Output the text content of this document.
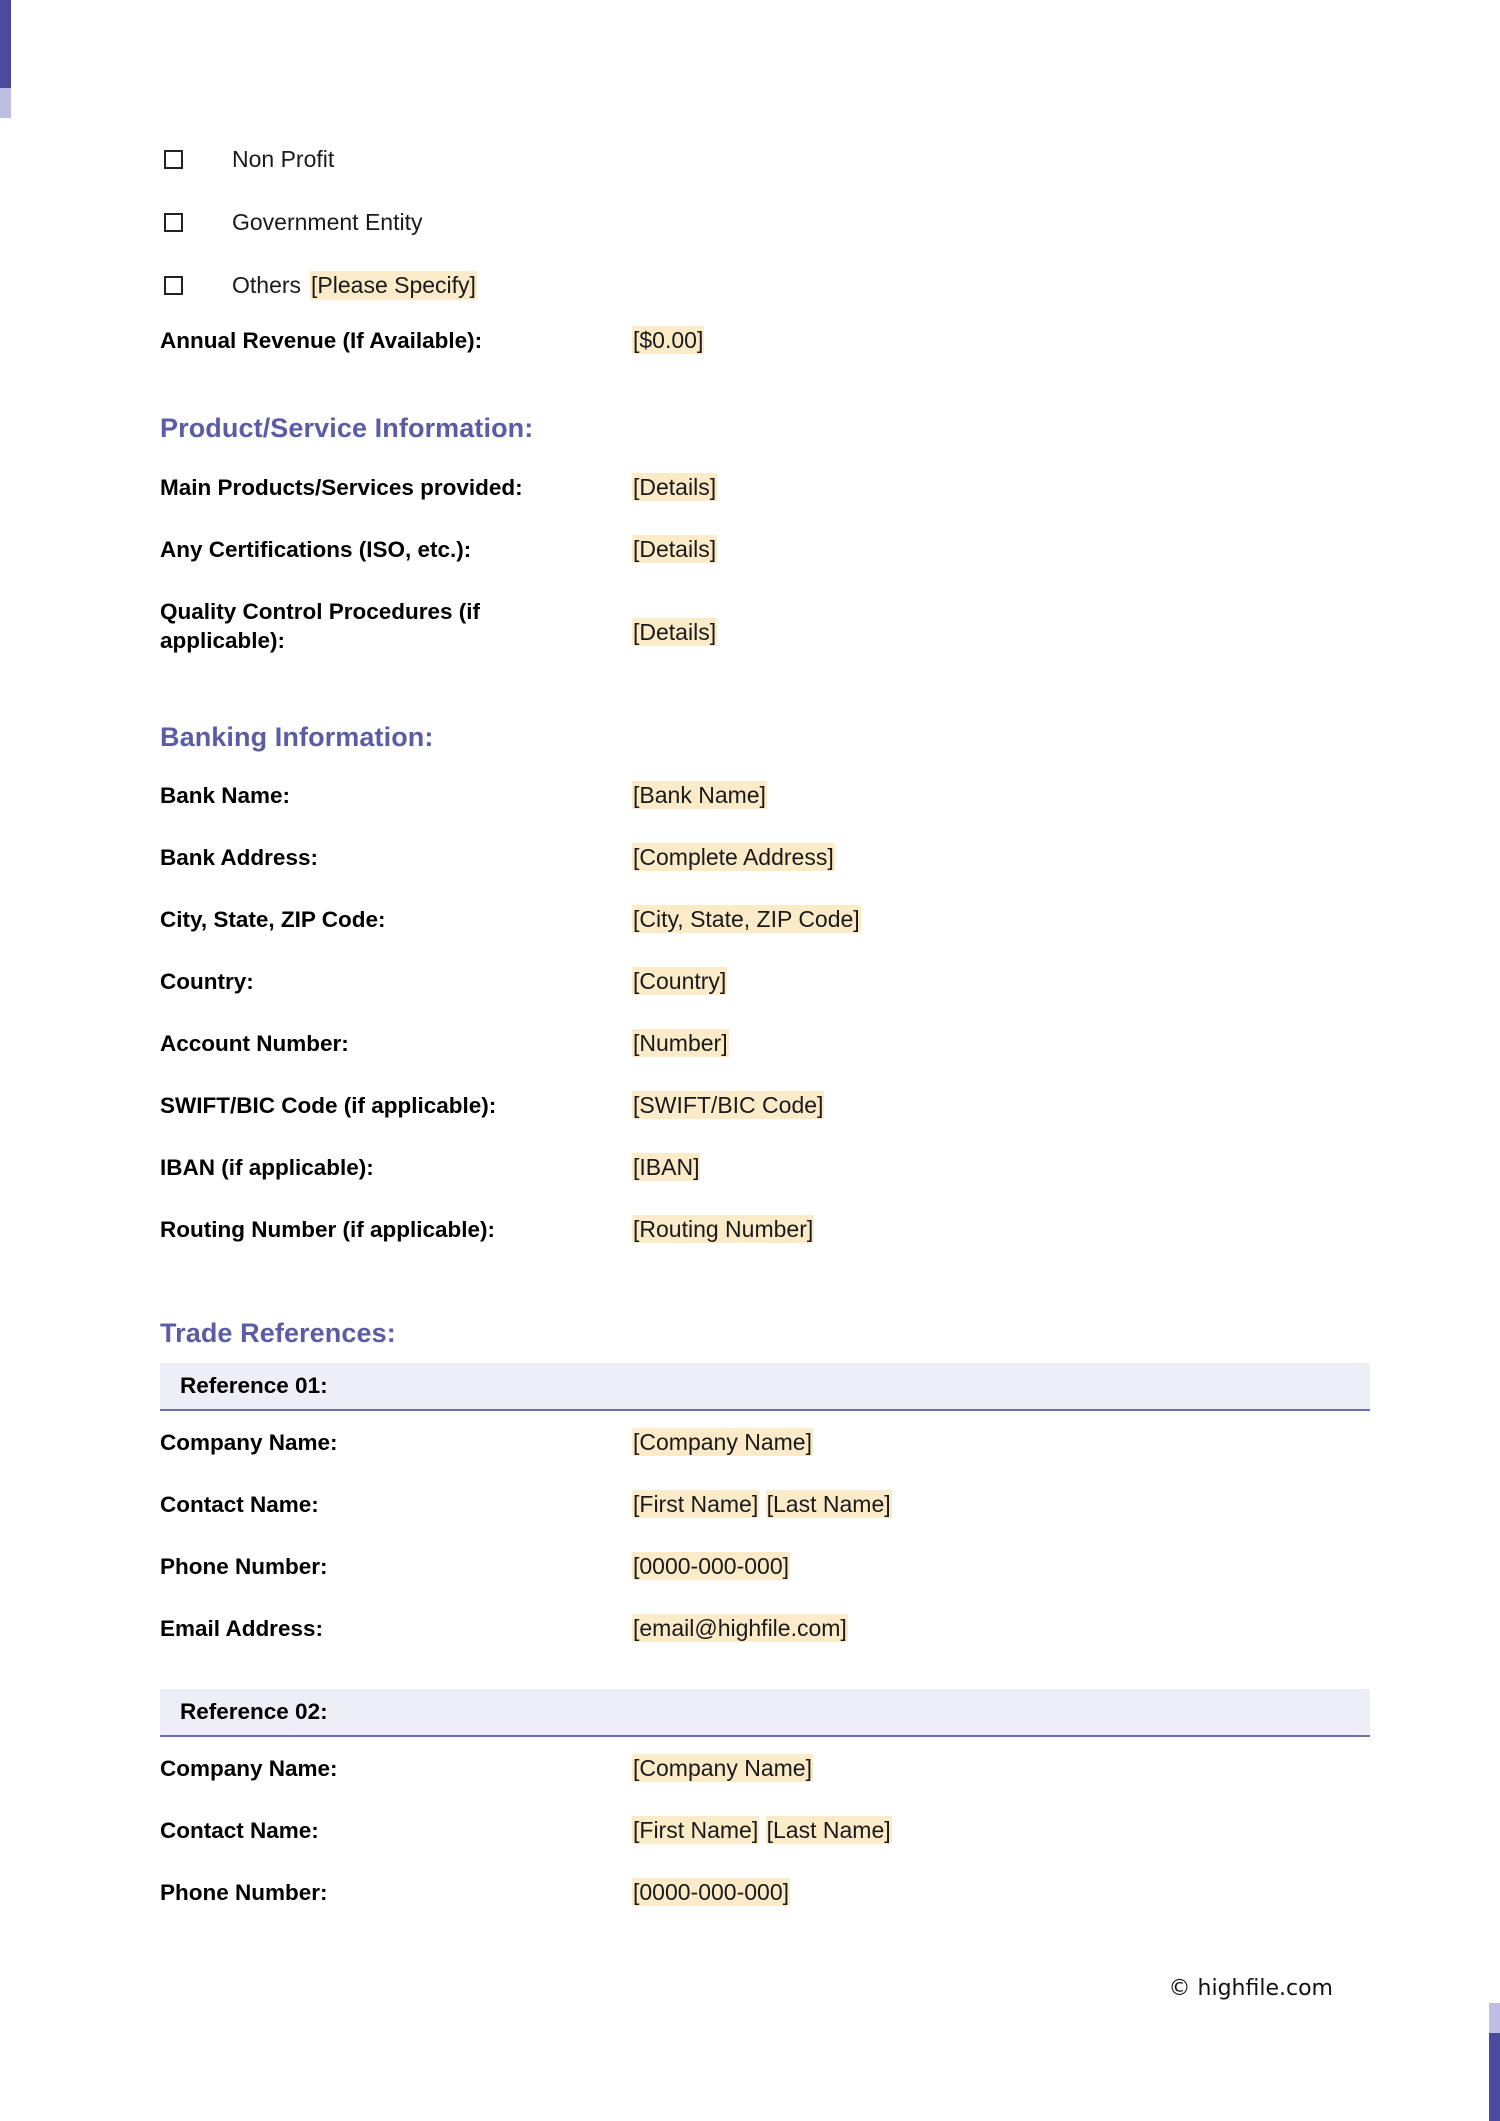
Non Profit
Government Entity
Others [Please Specify]
Annual Revenue (If Available):	[$0.00]
Product/Service Information:
Main Products/Services provided:	[Details]
Any Certifications (ISO, etc.):	[Details]
Quality Control Procedures (if applicable):	[Details]
Banking Information:
Bank Name:	[Bank Name]
Bank Address:	[Complete Address]
City, State, ZIP Code:	[City, State, ZIP Code]
Country:	[Country]
Account Number:	[Number]
SWIFT/BIC Code (if applicable):	[SWIFT/BIC Code]
IBAN (if applicable):	[IBAN]
Routing Number (if applicable):	[Routing Number]
Trade References:
Reference 01:
Company Name:	[Company Name]
Contact Name:	[First Name] [Last Name]
Phone Number:	[0000-000-000]
Email Address:	[email@highfile.com]
Reference 02:
Company Name:	[Company Name]
Contact Name:	[First Name] [Last Name]
Phone Number:	[0000-000-000]
© highfile.com
